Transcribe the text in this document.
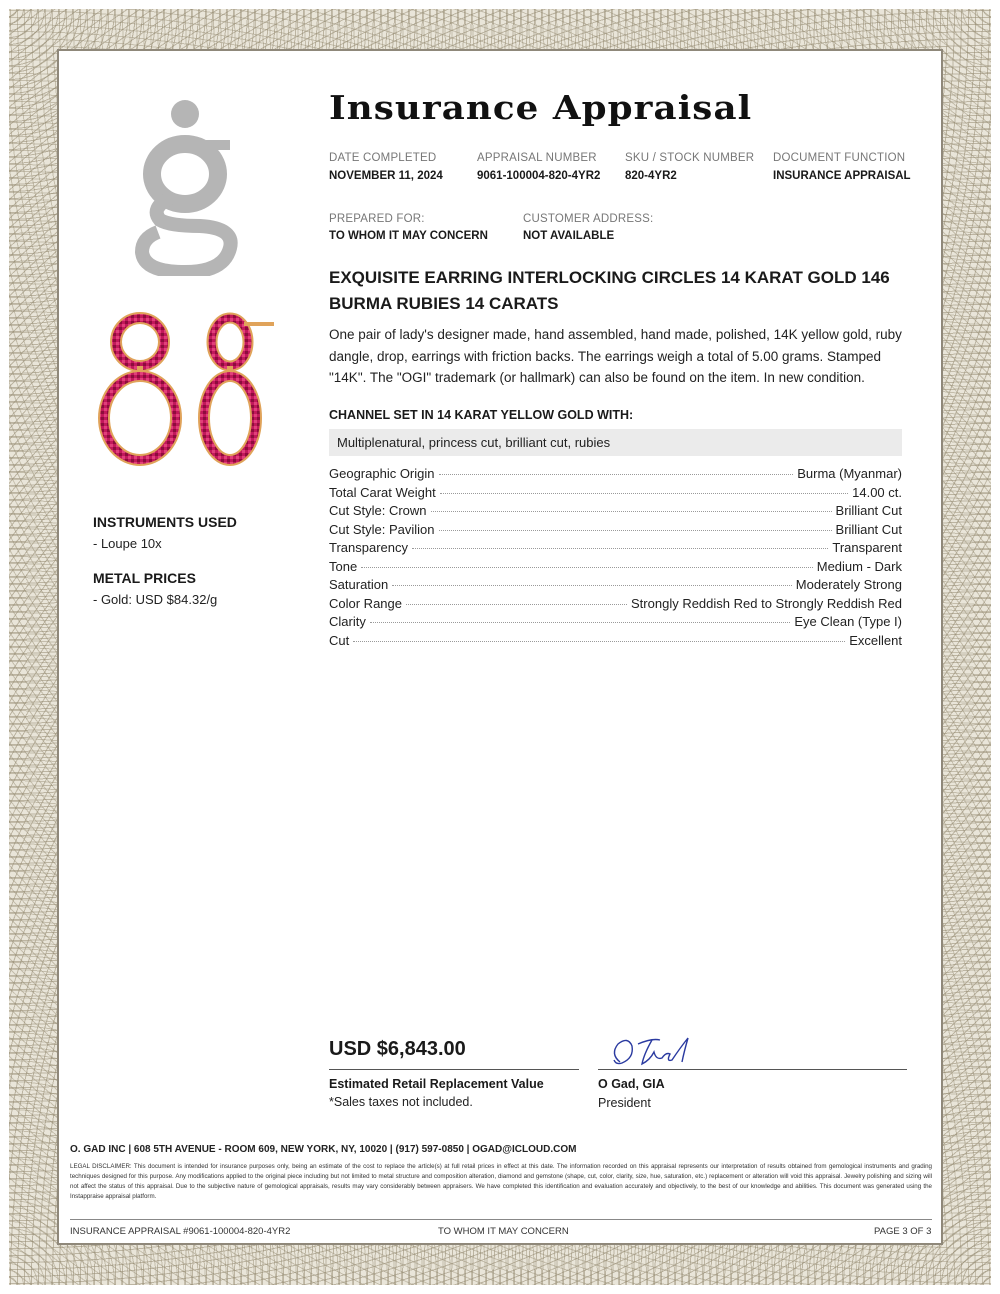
INSTRUMENTS USED
- Loupe 10x
METAL PRICES
- Gold: USD $84.32/g
Insurance Appraisal
DATE COMPLETED
NOVEMBER 11, 2024
APPRAISAL NUMBER
9061-100004-820-4YR2
SKU / STOCK NUMBER
820-4YR2
DOCUMENT FUNCTION
INSURANCE APPRAISAL
PREPARED FOR:
TO WHOM IT MAY CONCERN
CUSTOMER ADDRESS:
NOT AVAILABLE
EXQUISITE EARRING INTERLOCKING CIRCLES 14 KARAT GOLD 146 BURMA RUBIES 14 CARATS
One pair of lady's designer made, hand assembled, hand made, polished, 14K yellow gold, ruby dangle, drop, earrings with friction backs. The earrings weigh a total of 5.00 grams. Stamped "14K". The "OGI" trademark (or hallmark) can also be found on the item. In new condition.
CHANNEL SET IN 14 KARAT YELLOW GOLD WITH:
Multiplenatural, princess cut, brilliant cut, rubies
Geographic Origin	Burma (Myanmar)
Total Carat Weight	14.00 ct.
Cut Style: Crown	Brilliant Cut
Cut Style: Pavilion	Brilliant Cut
Transparency	Transparent
Tone	Medium - Dark
Saturation	Moderately Strong
Color Range	Strongly Reddish Red to Strongly Reddish Red
Clarity	Eye Clean (Type I)
Cut	Excellent
USD $6,843.00
Estimated Retail Replacement Value
*Sales taxes not included.
O Gad, GIA
President
O. GAD INC | 608 5TH AVENUE - ROOM 609, NEW YORK, NY, 10020 | (917) 597-0850 | OGAD@ICLOUD.COM
LEGAL DISCLAIMER: This document is intended for insurance purposes only, being an estimate of the cost to replace the article(s) at full retail prices in effect at this date. The information recorded on this appraisal represents our interpretation of results obtained from gemological instruments and grading techniques designed for this purpose. Any modifications applied to the original piece including but not limited to metal structure and composition alteration, diamond and gemstone (shape, cut, color, clarity, size, hue, saturation, etc.) replacement or alteration will void this appraisal. Jewelry polishing and sizing will not affect the status of this appraisal. Due to the subjective nature of gemological appraisals, results may vary considerably between appraisers. We have completed this identification and evaluation accurately and objectively, to the best of our knowledge and abilities. This document was generated using the Instappraise appraisal platform.
INSURANCE APPRAISAL #9061-100004-820-4YR2	TO WHOM IT MAY CONCERN	PAGE 3 OF 3
